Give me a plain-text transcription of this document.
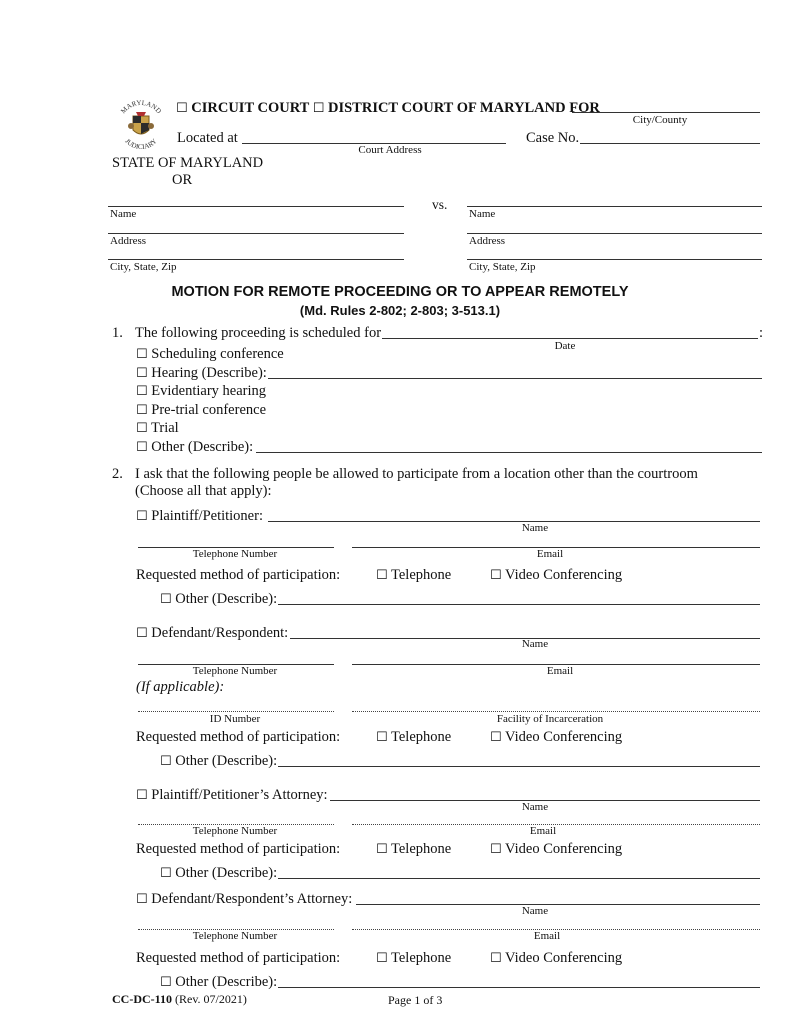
MARYLAND
JUDICIARY
☐ CIRCUIT COURT ☐ DISTRICT COURT OF MARYLAND FOR
City/County
Located at
Court Address
Case No.
STATE OF MARYLAND
OR
Name
vs.
Name
Address	Address
City, State, Zip	City, State, Zip
MOTION FOR REMOTE PROCEEDING OR TO APPEAR REMOTELY
(Md. Rules 2-802; 2-803; 3-513.1)
1. The following proceeding is scheduled for	:
Date
☐ Scheduling conference
☐ Hearing (Describe):
☐ Evidentiary hearing
☐ Pre-trial conference
☐ Trial
☐ Other (Describe):
2. I ask that the following people be allowed to participate from a location other than the courtroom
(Choose all that apply):
☐ Plaintiff/Petitioner:
Name
Telephone Number	Email
Requested method of participation:	☐ Telephone	☐ Video Conferencing
☐ Other (Describe):
☐ Defendant/Respondent:
Name
Telephone Number	Email
(If applicable):
ID Number	Facility of Incarceration
Requested method of participation:	☐ Telephone	☐ Video Conferencing
☐ Other (Describe):
☐ Plaintiff/Petitioner’s Attorney:
Name
Telephone Number	Email
Requested method of participation:	☐ Telephone	☐ Video Conferencing
☐ Other (Describe):
☐ Defendant/Respondent’s Attorney:
Name
Telephone Number	Email
Requested method of participation:	☐ Telephone	☐ Video Conferencing
☐ Other (Describe):
CC-DC-110 (Rev. 07/2021)	Page 1 of 3
